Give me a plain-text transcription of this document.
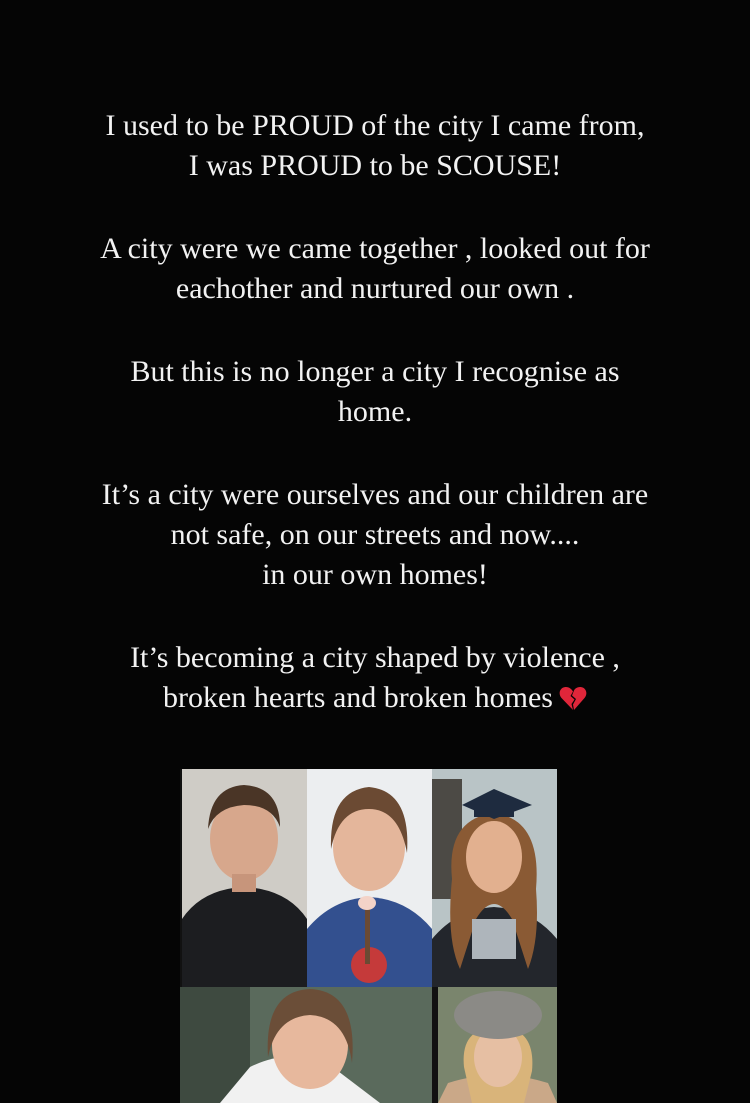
I used to be PROUD of the city I came from,
I was PROUD to be SCOUSE!

A city were we came together , looked out for
eachother and nurtured our own .

But this is no longer a city I recognise as
home.

It’s a city were ourselves and our children are
not safe, on our streets and now....
in our own homes!

It’s becoming a city shaped by violence ,
broken hearts and broken homes
